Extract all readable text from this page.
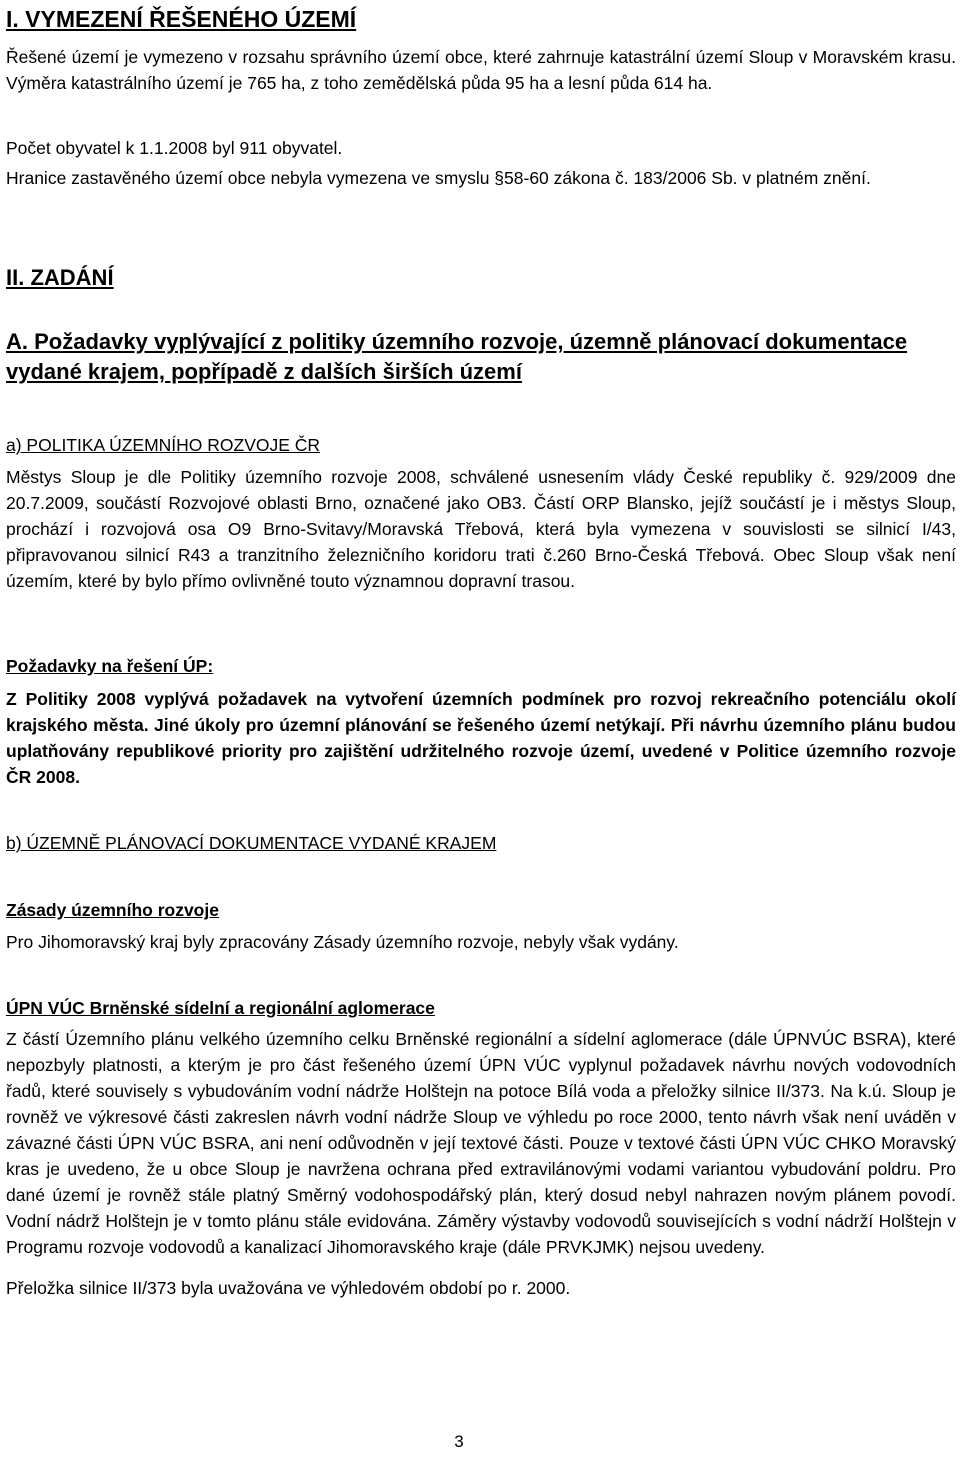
I. VYMEZENÍ ŘEŠENÉHO ÚZEMÍ

Řešené území je vymezeno v rozsahu správního území obce, které zahrnuje katastrální území Sloup v Moravském krasu. Výměra katastrálního území je 765 ha, z toho zemědělská půda 95 ha a lesní půda 614 ha.

Počet obyvatel k 1.1.2008 byl 911 obyvatel.

Hranice zastavěného území obce nebyla vymezena ve smyslu §58-60 zákona č. 183/2006 Sb. v platném znění.

II. ZADÁNÍ

A. Požadavky vyplývající z politiky územního rozvoje, územně plánovací dokumentace vydané krajem, popřípadě z dalších širších území

a) POLITIKA ÚZEMNÍHO ROZVOJE ČR

Městys Sloup je dle Politiky územního rozvoje 2008, schválené usnesením vlády České republiky č. 929/2009 dne 20.7.2009, součástí Rozvojové oblasti Brno, označené jako OB3. Částí ORP Blansko, jejíž součástí je i městys Sloup, prochází i rozvojová osa O9 Brno-Svitavy/Moravská Třebová, která byla vymezena v souvislosti se silnicí I/43, připravovanou silnicí R43 a tranzitního železničního koridoru trati č.260 Brno-Česká Třebová. Obec Sloup však není územím, které by bylo přímo ovlivněné touto významnou dopravní trasou.

Požadavky na řešení ÚP:

Z Politiky 2008 vyplývá požadavek na vytvoření územních podmínek pro rozvoj rekreačního potenciálu okolí krajského města. Jiné úkoly pro územní plánování se řešeného území netýkají. Při návrhu územního plánu budou uplatňovány republikové priority pro zajištění udržitelného rozvoje území, uvedené v Politice územního rozvoje ČR 2008.

b) ÚZEMNĚ PLÁNOVACÍ DOKUMENTACE VYDANÉ KRAJEM
Zásady územního rozvoje
Pro Jihomoravský kraj byly zpracovány Zásady územního rozvoje, nebyly však vydány.
ÚPN VÚC Brněnské sídelní a regionální aglomerace

Z částí Územního plánu velkého územního celku Brněnské regionální a sídelní aglomerace (dále ÚPNVÚC BSRA), které nepozbyly platnosti, a kterým je pro část řešeného území ÚPN VÚC vyplynul požadavek návrhu nových vodovodních řadů, které souvisely s vybudováním vodní nádrže Holštejn na potoce Bílá voda a přeložky silnice II/373. Na k.ú. Sloup je rovněž ve výkresové části zakreslen návrh vodní nádrže Sloup ve výhledu po roce 2000, tento návrh však není uváděn v závazné části ÚPN VÚC BSRA, ani není odůvodněn v její textové části. Pouze v textové části ÚPN VÚC CHKO Moravský kras je uvedeno, že u obce Sloup je navržena ochrana před extravilánovými vodami variantou vybudování poldru. Pro dané území je rovněž stále platný Směrný vodohospodářský plán, který dosud nebyl nahrazen novým plánem povodí. Vodní nádrž Holštejn je v tomto plánu stále evidována. Záměry výstavby vodovodů souvisejících s vodní nádrží Holštejn v Programu rozvoje vodovodů a kanalizací Jihomoravského kraje (dále PRVKJMK) nejsou uvedeny.

Přeložka silnice II/373 byla uvažována ve výhledovém období po r. 2000.
3
